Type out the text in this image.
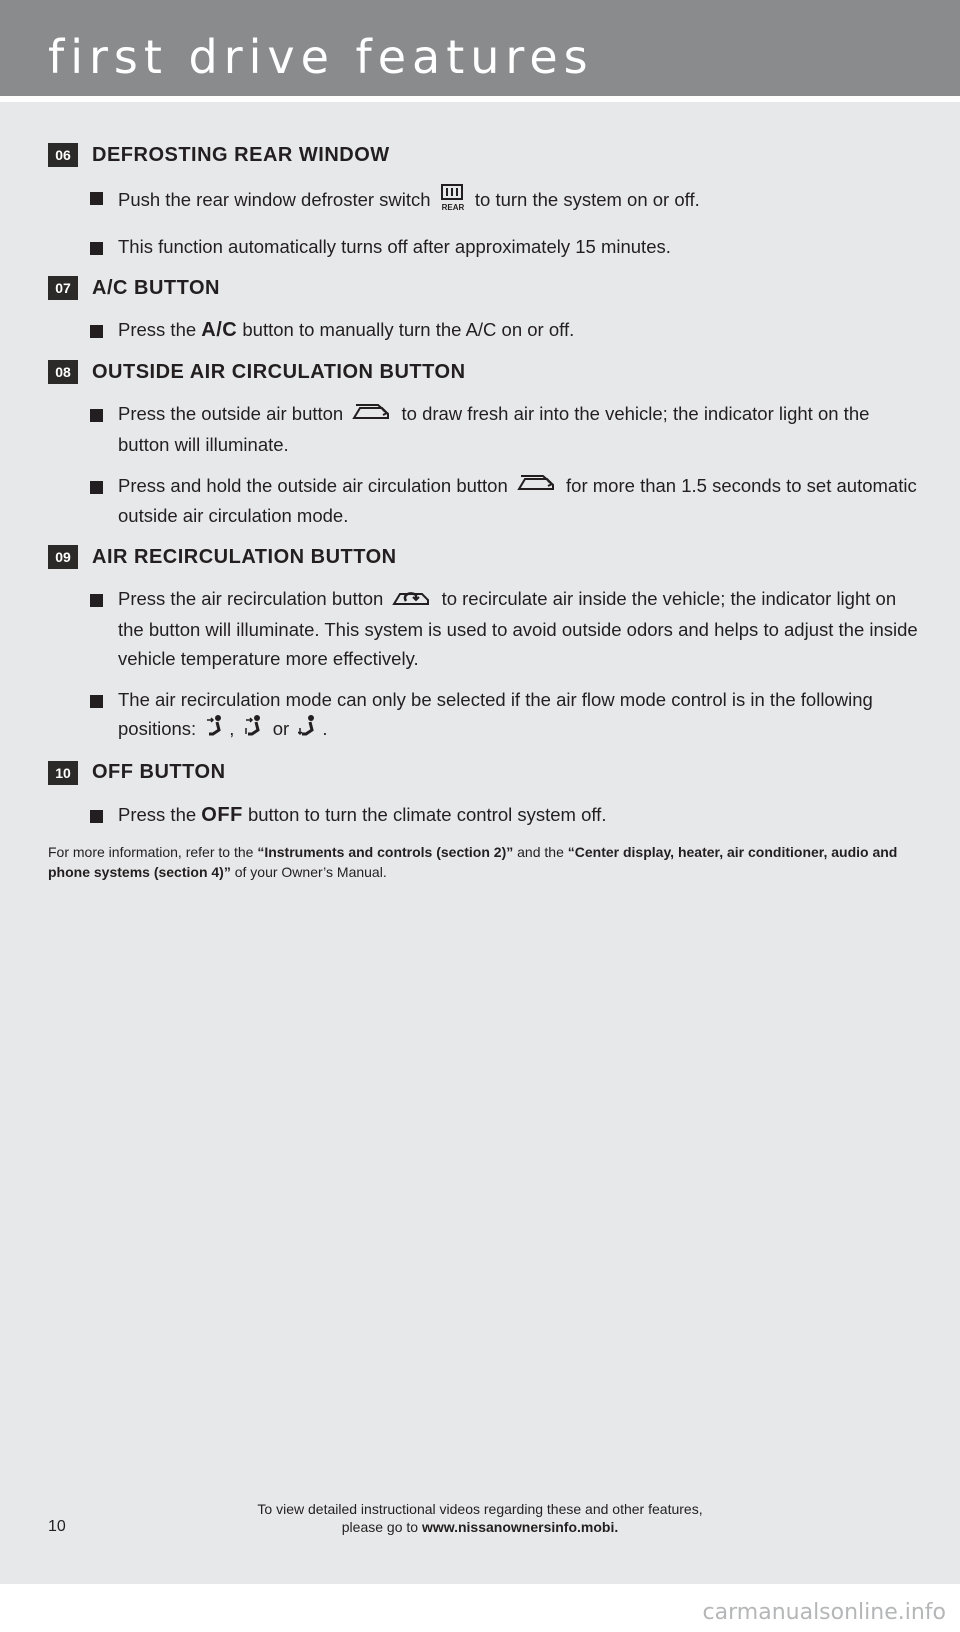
first drive features
06	DEFROSTING REAR WINDOW
Push the rear window defroster switch REAR to turn the system on or off.
This function automatically turns off after approximately 15 minutes.
07	A/C BUTTON
Press the A/C button to manually turn the A/C on or off.
08	OUTSIDE AIR CIRCULATION BUTTON
Press the outside air button	to draw fresh air into the vehicle; the indicator light on the button will illuminate.
Press and hold the outside air circulation button	for more than 1.5 seconds to set automatic outside air circulation mode.
09	AIR RECIRCULATION BUTTON
Press the air recirculation button	to recirculate air inside the vehicle; the indicator light on the button will illuminate. This system is used to avoid outside odors and helps to adjust the inside vehicle temperature more effectively.
The air recirculation mode can only be selected if the air flow mode control is in the following positions: , or .
10	OFF BUTTON
Press the OFF button to turn the climate control system off.
For more information, refer to the “Instruments and controls (section 2)” and the “Center display, heater, air conditioner, audio and phone systems (section 4)” of your Owner’s Manual.
To view detailed instructional videos regarding these and other features,
please go to www.nissanownersinfo.mobi.
10
carmanualsonline.info
